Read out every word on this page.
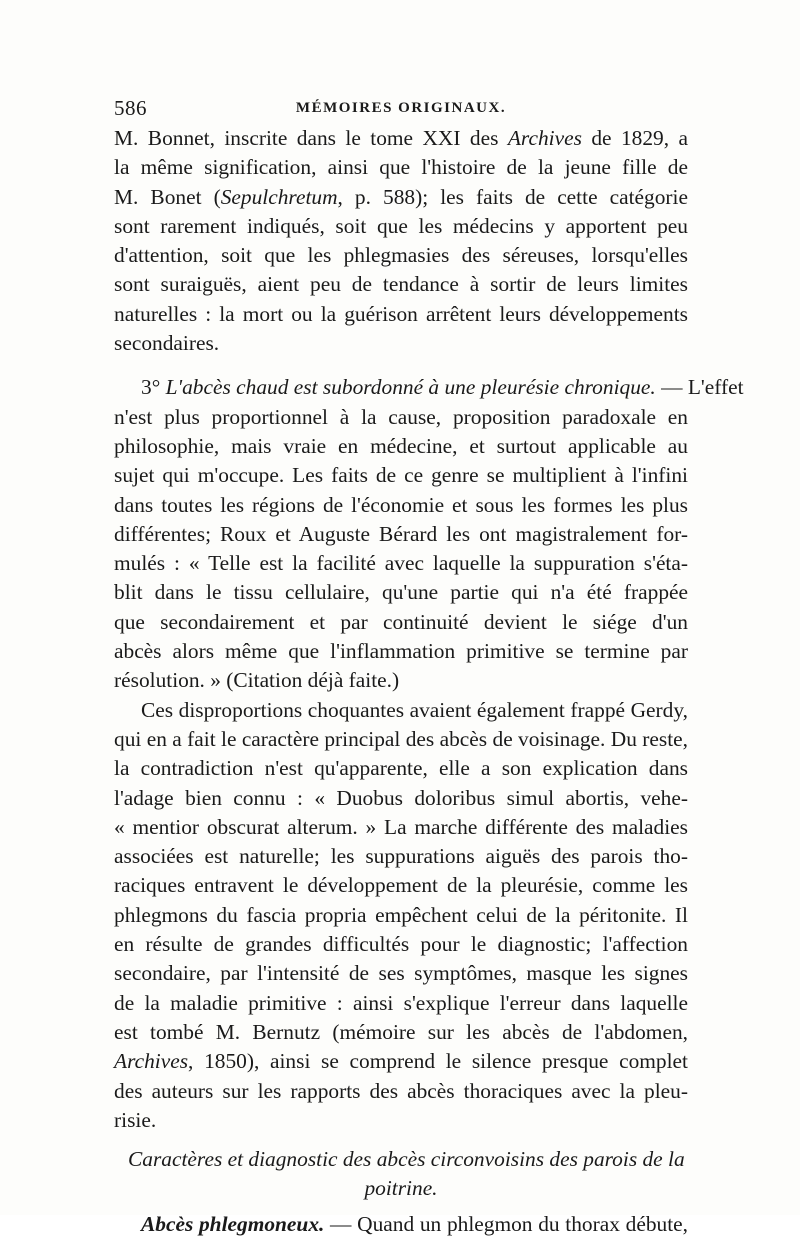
586	MÉMOIRES ORIGINAUX.
M. Bonnet, inscrite dans le tome XXI des Archives de 1829, a
la même signification, ainsi que l'histoire de la jeune fille de
M. Bonet (Sepulchretum, p. 588); les faits de cette catégorie
sont rarement indiqués, soit que les médecins y apportent peu
d'attention, soit que les phlegmasies des séreuses, lorsqu'elles
sont suraiguës, aient peu de tendance à sortir de leurs limites
naturelles : la mort ou la guérison arrêtent leurs développements
secondaires.
3° L'abcès chaud est subordonné à une pleurésie chronique. — L'effet
n'est plus proportionnel à la cause, proposition paradoxale en
philosophie, mais vraie en médecine, et surtout applicable au
sujet qui m'occupe. Les faits de ce genre se multiplient à l'infini
dans toutes les régions de l'économie et sous les formes les plus
différentes; Roux et Auguste Bérard les ont magistralement for-
mulés : « Telle est la facilité avec laquelle la suppuration s'éta-
blit dans le tissu cellulaire, qu'une partie qui n'a été frappée
que secondairement et par continuité devient le siége d'un
abcès alors même que l'inflammation primitive se termine par
résolution. » (Citation déjà faite.)
Ces disproportions choquantes avaient également frappé Gerdy,
qui en a fait le caractère principal des abcès de voisinage. Du reste,
la contradiction n'est qu'apparente, elle a son explication dans
l'adage bien connu : « Duobus doloribus simul abortis, vehe-
« mentior obscurat alterum. » La marche différente des maladies
associées est naturelle; les suppurations aiguës des parois tho-
raciques entravent le développement de la pleurésie, comme les
phlegmons du fascia propria empêchent celui de la péritonite. Il
en résulte de grandes difficultés pour le diagnostic; l'affection
secondaire, par l'intensité de ses symptômes, masque les signes
de la maladie primitive : ainsi s'explique l'erreur dans laquelle
est tombé M. Bernutz (mémoire sur les abcès de l'abdomen,
Archives, 1850), ainsi se comprend le silence presque complet
des auteurs sur les rapports des abcès thoraciques avec la pleu-
risie.
Caractères et diagnostic des abcès circonvoisins des parois de la
poitrine.
Abcès phlegmoneux. — Quand un phlegmon du thorax débute,
